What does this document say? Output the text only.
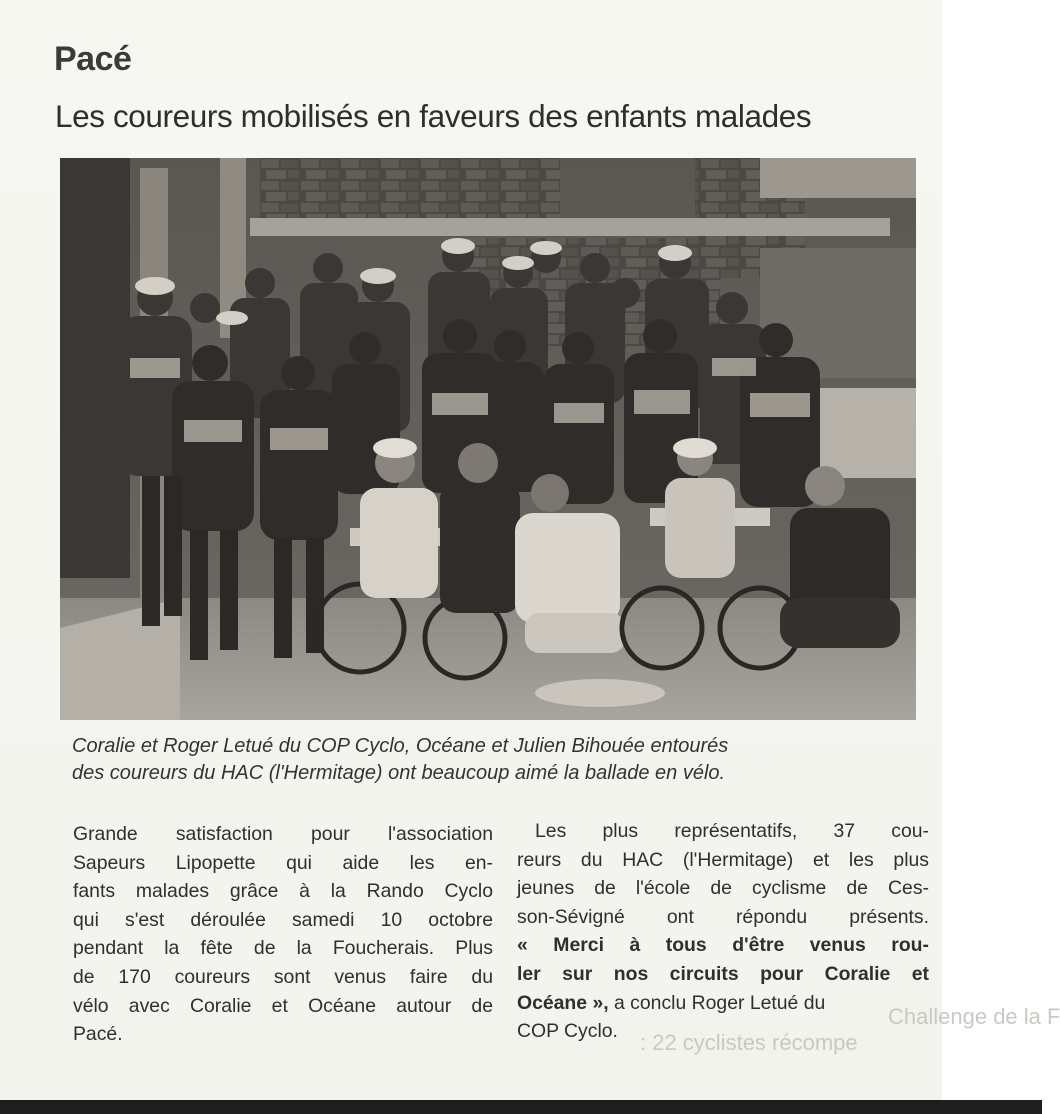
Challenge de la F
: 22 cyclistes récompe
Pacé
Les coureurs mobilisés en faveurs des enfants malades
Coralie et Roger Letué du COP Cyclo, Océane et Julien Bihouée entourés
des coureurs du HAC (l'Hermitage) ont beaucoup aimé la ballade en vélo.
Grande satisfaction pour l'association
Sapeurs Lipopette qui aide les en-
fants malades grâce à la Rando Cyclo
qui s'est déroulée samedi 10 octobre
pendant la fête de la Foucherais. Plus
de 170 coureurs sont venus faire du
vélo avec Coralie et Océane autour de
Pacé.
Les plus représentatifs, 37 cou-
reurs du HAC (l'Hermitage) et les plus
jeunes de l'école de cyclisme de Ces-
son-Sévigné ont répondu présents.
« Merci à tous d'être venus rou-
ler sur nos circuits pour Coralie et
Océane », a conclu Roger Letué du
COP Cyclo.
